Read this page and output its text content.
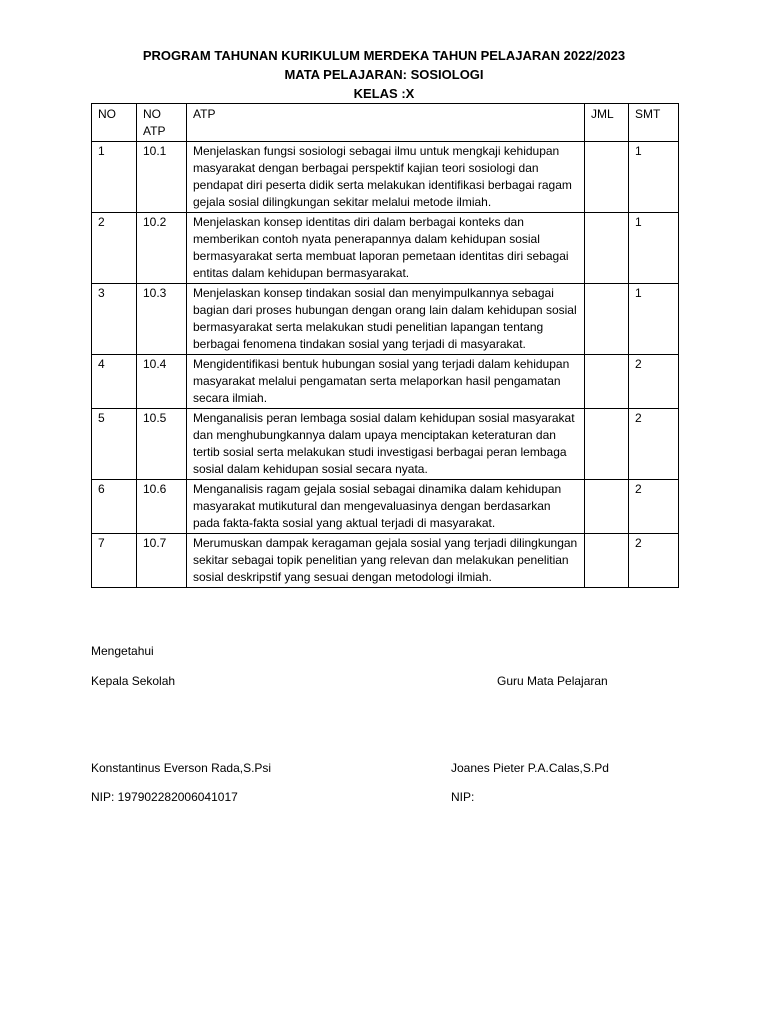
PROGRAM TAHUNAN KURIKULUM MERDEKA TAHUN PELAJARAN 2022/2023
MATA PELAJARAN: SOSIOLOGI
KELAS :X
NO	NO ATP	ATP	JML	SMT
1	10.1	Menjelaskan fungsi sosiologi sebagai ilmu untuk mengkaji kehidupan masyarakat dengan berbagai perspektif kajian teori sosiologi dan pendapat diri peserta didik serta melakukan identifikasi berbagai ragam gejala sosial dilingkungan sekitar melalui metode ilmiah.		1
2	10.2	Menjelaskan konsep identitas diri dalam berbagai konteks dan memberikan contoh nyata penerapannya dalam kehidupan sosial bermasyarakat serta membuat laporan pemetaan identitas diri sebagai entitas dalam kehidupan bermasyarakat.		1
3	10.3	Menjelaskan konsep tindakan sosial dan menyimpulkannya sebagai bagian dari proses hubungan dengan orang lain dalam kehidupan sosial bermasyarakat serta melakukan studi penelitian lapangan tentang berbagai fenomena tindakan sosial yang terjadi di masyarakat.		1
4	10.4	Mengidentifikasi bentuk hubungan sosial yang terjadi dalam kehidupan masyarakat melalui pengamatan serta melaporkan hasil pengamatan secara ilmiah.		2
5	10.5	Menganalisis peran lembaga sosial dalam kehidupan sosial masyarakat dan menghubungkannya dalam upaya menciptakan keteraturan dan tertib sosial serta melakukan studi investigasi berbagai peran lembaga sosial dalam kehidupan sosial secara nyata.		2
6	10.6	Menganalisis ragam gejala sosial sebagai dinamika dalam kehidupan masyarakat mutikutural dan mengevaluasinya dengan berdasarkan pada fakta-fakta sosial yang aktual terjadi di masyarakat.		2
7	10.7	Merumuskan dampak keragaman gejala sosial yang terjadi dilingkungan sekitar sebagai topik penelitian yang relevan dan melakukan penelitian sosial deskripstif yang sesuai dengan metodologi ilmiah.		2
Mengetahui
Kepala Sekolah	Guru Mata Pelajaran
Konstantinus Everson Rada,S.Psi	Joanes Pieter P.A.Calas,S.Pd
NIP: 197902282006041017	NIP:
